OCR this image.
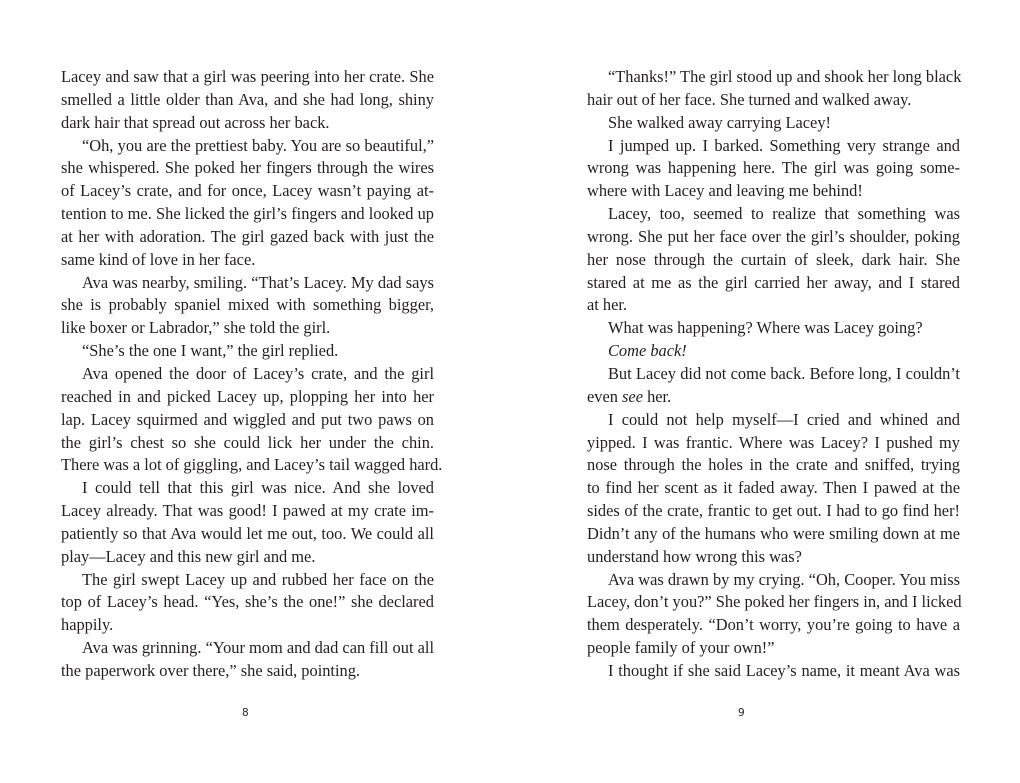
Lacey and saw that a girl was peering into her crate. She
smelled a little older than Ava, and she had long, shiny
dark hair that spread out across her back.
“Oh, you are the prettiest baby. You are so beautiful,”
she whispered. She poked her fingers through the wires
of Lacey’s crate, and for once, Lacey wasn’t paying at-
tention to me. She licked the girl’s fingers and looked up
at her with adoration. The girl gazed back with just the
same kind of love in her face.
Ava was nearby, smiling. “That’s Lacey. My dad says
she is probably spaniel mixed with something bigger,
like boxer or Labrador,” she told the girl.
“She’s the one I want,” the girl replied.
Ava opened the door of Lacey’s crate, and the girl
reached in and picked Lacey up, plopping her into her
lap. Lacey squirmed and wiggled and put two paws on
the girl’s chest so she could lick her under the chin.
There was a lot of giggling, and Lacey’s tail wagged hard.
I could tell that this girl was nice. And she loved
Lacey already. That was good! I pawed at my crate im-
patiently so that Ava would let me out, too. We could all
play—Lacey and this new girl and me.
The girl swept Lacey up and rubbed her face on the
top of Lacey’s head. “Yes, she’s the one!” she declared
happily.
Ava was grinning. “Your mom and dad can fill out all
the paperwork over there,” she said, pointing.
8
“Thanks!” The girl stood up and shook her long black
hair out of her face. She turned and walked away.
She walked away carrying Lacey!
I jumped up. I barked. Something very strange and
wrong was happening here. The girl was going some-
where with Lacey and leaving me behind!
Lacey, too, seemed to realize that something was
wrong. She put her face over the girl’s shoulder, poking
her nose through the curtain of sleek, dark hair. She
stared at me as the girl carried her away, and I stared
at her.
What was happening? Where was Lacey going?
Come back!
But Lacey did not come back. Before long, I couldn’t
even see her.
I could not help myself—I cried and whined and
yipped. I was frantic. Where was Lacey? I pushed my
nose through the holes in the crate and sniffed, trying
to find her scent as it faded away. Then I pawed at the
sides of the crate, frantic to get out. I had to go find her!
Didn’t any of the humans who were smiling down at me
understand how wrong this was?
Ava was drawn by my crying. “Oh, Cooper. You miss
Lacey, don’t you?” She poked her fingers in, and I licked
them desperately. “Don’t worry, you’re going to have a
people family of your own!”
I thought if she said Lacey’s name, it meant Ava was
9
